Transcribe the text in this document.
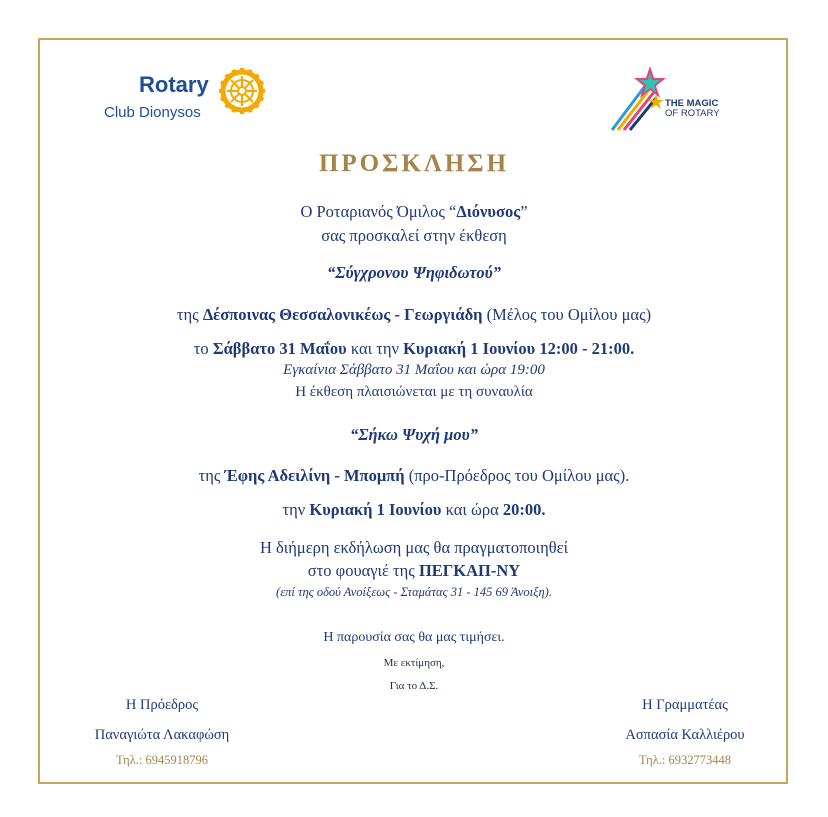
Rotary
Club Dionysos
THE MAGIC
OF ROTARY
ΠΡΟΣΚΛΗΣΗ
Ο Ροταριανός Όμιλος “Διόνυσος”
σας προσκαλεί στην έκθεση
“Σύγχρονου Ψηφιδωτού”
της Δέσποινας Θεσσαλονικέως - Γεωργιάδη (Μέλος του Ομίλου μας)
το Σάββατο 31 Μαΐου και την Κυριακή 1 Ιουνίου 12:00 - 21:00.
Εγκαίνια Σάββατο 31 Μαΐου και ώρα 19:00
Η έκθεση πλαισιώνεται με τη συναυλία
“Σήκω Ψυχή μου”
της Έφης Αδειλίνη - Μπομπή (προ-Πρόεδρος του Ομίλου μας).
την Κυριακή 1 Ιουνίου και ώρα 20:00.
Η διήμερη εκδήλωση μας θα πραγματοποιηθεί
στο φουαγιέ της ΠΕΓΚΑΠ-ΝΥ
(επί της οδού Ανοίξεως - Σταμάτας 31 - 145 69 Άνοιξη).
Η παρουσία σας θα μας τιμήσει.
Με εκτίμηση,
Για το Δ.Σ.
Η Πρόεδρος
Παναγιώτα Λακαφώση
Τηλ.: 6945918796
Η Γραμματέας
Ασπασία Καλλιέρου
Τηλ.: 6932773448
